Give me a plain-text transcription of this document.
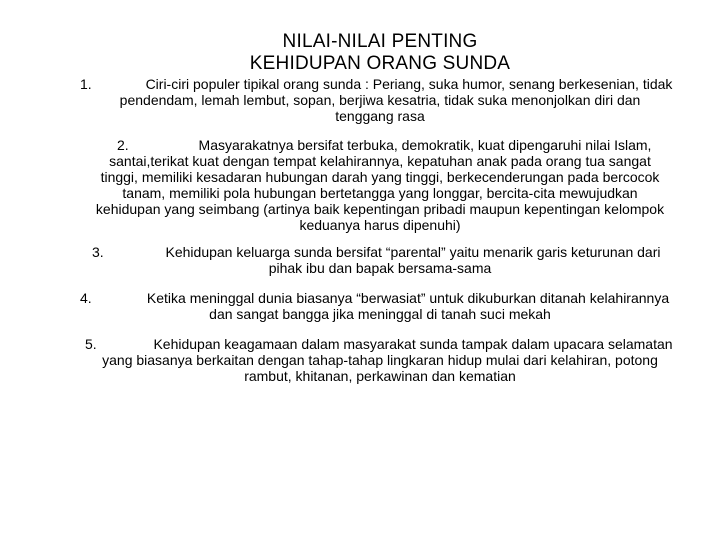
NILAI-NILAI PENTING
KEHIDUPAN ORANG SUNDA
1.	Ciri-ciri populer tipikal orang sunda : Periang, suka humor, senang berkesenian, tidak
pendendam, lemah lembut, sopan, berjiwa kesatria, tidak suka menonjolkan diri dan
tenggang rasa
2.	Masyarakatnya bersifat terbuka, demokratik, kuat dipengaruhi nilai Islam,
santai,terikat kuat dengan tempat kelahirannya, kepatuhan anak pada orang tua sangat
tinggi, memiliki kesadaran hubungan darah yang tinggi, berkecenderungan pada bercocok
tanam, memiliki pola hubungan bertetangga yang longgar, bercita-cita mewujudkan
kehidupan yang seimbang (artinya baik kepentingan pribadi maupun kepentingan kelompok
keduanya harus dipenuhi)
3.	Kehidupan keluarga sunda bersifat “parental” yaitu menarik garis keturunan dari
pihak ibu dan bapak bersama-sama
4.	Ketika meninggal dunia biasanya “berwasiat” untuk dikuburkan ditanah kelahirannya
dan sangat bangga jika meninggal di tanah suci mekah
5.	Kehidupan keagamaan dalam masyarakat sunda tampak dalam upacara selamatan
yang biasanya berkaitan dengan tahap-tahap lingkaran hidup mulai dari kelahiran, potong
rambut, khitanan, perkawinan dan kematian
